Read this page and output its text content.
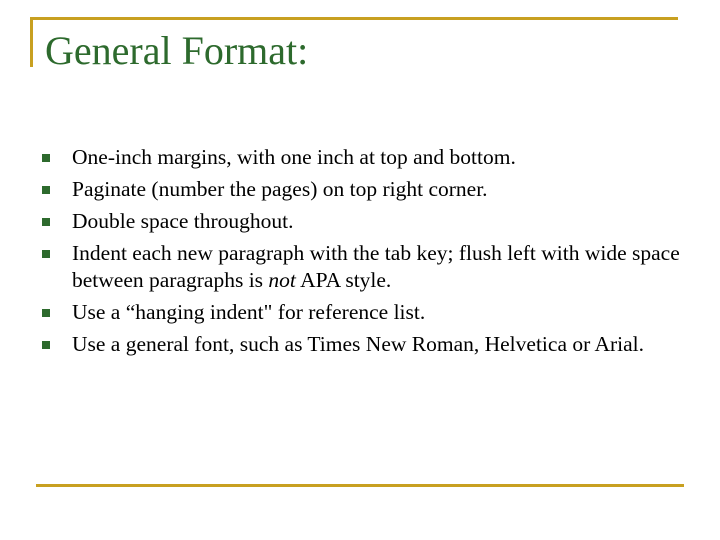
General Format:
One-inch margins, with one inch at top and bottom.
Paginate (number the pages) on top right corner.
Double space throughout.
Indent each new paragraph with the tab key; flush left with wide space between paragraphs is not APA style.
Use a “hanging indent" for reference list.
Use a general font, such as Times New Roman, Helvetica or Arial.
